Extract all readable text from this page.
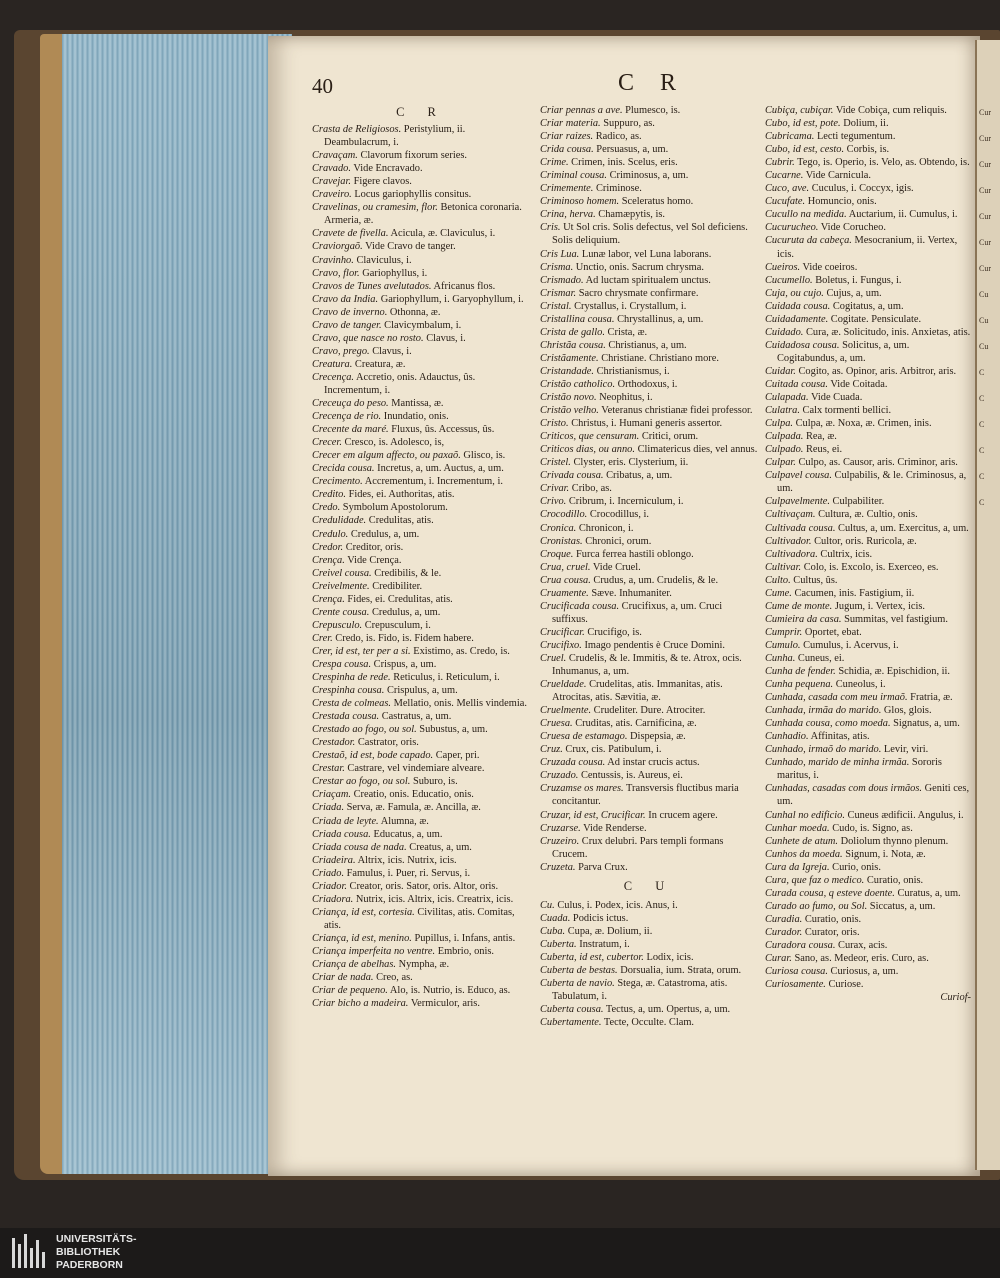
Cur
Cur
Cur
Cur
Cur
Cur
Cur
Cu
Cu
Cu
C
C
C
C
C
C
40	C R
C R

Crasta de Religiosos. Peristylium, ii. Deambulacrum, i.

Cravaçam. Clavorum fixorum series.

Cravado. Vide Encravado.

Cravejar. Figere clavos.

Craveiro. Locus gariophyllis consitus.

Cravelinas, ou cramesim, flor. Betonica coronaria. Armeria, æ.

Cravete de fivella. Acicula, æ. Claviculus, i.

Craviorgaõ. Vide Cravo de tanger.

Cravinho. Claviculus, i.

Cravo, flor. Gariophyllus, i.

Cravos de Tunes avelutados. Africanus flos.

Cravo da India. Gariophyllum, i. Garyophyllum, i.

Cravo de inverno. Othonna, æ.

Cravo de tanger. Clavicymbalum, i.

Cravo, que nasce no rosto. Clavus, i.

Cravo, prego. Clavus, i.

Creatura. Creatura, æ.

Crecença. Accretio, onis. Adauctus, ûs. Incrementum, i.

Creceuça do peso. Mantissa, æ.

Crecença de rio. Inundatio, onis.

Crecente da maré. Fluxus, ûs. Accessus, ûs.

Crecer. Cresco, is. Adolesco, is,

Crecer em algum affecto, ou paxaõ. Glisco, is.

Crecida cousa. Incretus, a, um. Auctus, a, um.

Crecimento. Accrementum, i. Incrementum, i.

Credito. Fides, ei. Authoritas, atis.

Credo. Symbolum Apostolorum.

Credulidade. Credulitas, atis.

Credulo. Credulus, a, um.

Credor. Creditor, oris.

Crença. Vide Crença.

Creivel cousa. Credibilis, & le.

Creivelmente. Credibiliter.

Crença. Fides, ei. Credulitas, atis.

Crente cousa. Credulus, a, um.

Crepusculo. Crepusculum, i.

Crer. Credo, is. Fido, is. Fidem habere.

Crer, id est, ter per a si. Existimo, as. Credo, is.

Crespa cousa. Crispus, a, um.

Crespinha de rede. Reticulus, i. Reticulum, i.

Crespinha cousa. Crispulus, a, um.

Cresta de colmeas. Mellatio, onis. Mellis vindemia.

Crestada cousa. Castratus, a, um.

Crestado ao fogo, ou sol. Subustus, a, um.

Crestador. Castrator, oris.

Crestaõ, id est, bode capado. Caper, pri.

Crestar. Castrare, vel vindemiare alveare.

Crestar ao fogo, ou sol. Suburo, is.

Criaçam. Creatio, onis. Educatio, onis.

Criada. Serva, æ. Famula, æ. Ancilla, æ.

Criada de leyte. Alumna, æ.

Criada cousa. Educatus, a, um.

Criada cousa de nada. Creatus, a, um.

Criadeira. Altrix, icis. Nutrix, icis.

Criado. Famulus, i. Puer, ri. Servus, i.

Criador. Creator, oris. Sator, oris. Altor, oris.

Criadora. Nutrix, icis. Altrix, icis. Creatrix, icis.

Criança, id est, cortesia. Civilitas, atis. Comitas, atis.

Criança, id est, menino. Pupillus, i. Infans, antis.

Criança imperfeita no ventre. Embrio, onis.

Criança de abelhas. Nympha, æ.

Criar de nada. Creo, as.

Criar de pequeno. Alo, is. Nutrio, is. Educo, as.

Criar bicho a madeira. Vermiculor, aris.

Criar pennas a ave. Plumesco, is.

Criar materia. Suppuro, as.

Criar raizes. Radico, as.

Crida cousa. Persuasus, a, um.

Crime. Crimen, inis. Scelus, eris.

Criminal cousa. Criminosus, a, um.

Crimemente. Criminose.

Criminoso homem. Sceleratus homo.

Crina, herva. Chamæpytis, is.

Cris. Ut Sol cris. Solis defectus, vel Sol deficiens. Solis deliquium.

Cris Lua. Lunæ labor, vel Luna laborans.

Crisma. Unctio, onis. Sacrum chrysma.

Crismado. Ad luctam spiritualem unctus.

Crismar. Sacro chrysmate confirmare.

Cristal. Crystallus, i. Crystallum, i.

Cristallina cousa. Chrystallinus, a, um.

Crista de gallo. Crista, æ.

Christãa cousa. Christianus, a, um.

Cristãamente. Christiane. Christiano more.

Cristandade. Christianismus, i.

Cristão catholico. Orthodoxus, i.

Cristão novo. Neophitus, i.

Cristão velho. Veteranus christianæ fidei professor.

Cristo. Christus, i. Humani generis assertor.

Criticos, que censuram. Critici, orum.

Criticos dias, ou anno. Climatericus dies, vel annus.

Cristel. Clyster, eris. Clysterium, ii.

Crivada cousa. Cribatus, a, um.

Crivar. Cribo, as.

Crivo. Cribrum, i. Incerniculum, i.

Crocodillo. Crocodillus, i.

Cronica. Chronicon, i.

Cronistas. Chronici, orum.

Croque. Furca ferrea hastili oblongo.

Crua, cruel. Vide Cruel.

Crua cousa. Crudus, a, um. Crudelis, & le.

Cruamente. Sæve. Inhumaniter.

Crucificada cousa. Crucifixus, a, um. Cruci suffixus.

Crucificar. Crucifigo, is.

Crucifixo. Imago pendentis è Cruce Domini.

Cruel. Crudelis, & le. Immitis, & te. Atrox, ocis. Inhumanus, a, um.

Crueldade. Crudelitas, atis. Immanitas, atis. Atrocitas, atis. Sævitia, æ.

Cruelmente. Crudeliter. Dure. Atrociter.

Cruesa. Cruditas, atis. Carnificina, æ.

Cruesa de estamago. Dispepsia, æ.

Cruz. Crux, cis. Patibulum, i.

Cruzada cousa. Ad instar crucis actus.

Cruzado. Centussis, is. Aureus, ei.

Cruzamse os mares. Transversis fluctibus maria concitantur.

Cruzar, id est, Crucificar. In crucem agere.

Cruzarse. Vide Renderse.

Cruzeiro. Crux delubri. Pars templi formans Crucem.

Cruzeta. Parva Crux.

C U

Cu. Culus, i. Podex, icis. Anus, i.

Cuada. Podicis ictus.

Cuba. Cupa, æ. Dolium, ii.

Cuberta. Instratum, i.

Cuberta, id est, cubertor. Lodix, icis.

Cuberta de bestas. Dorsualia, ium. Strata, orum.

Cuberta de navio. Stega, æ. Catastroma, atis. Tabulatum, i.

Cuberta cousa. Tectus, a, um. Opertus, a, um.

Cubertamente. Tecte, Occulte. Clam.

Cubiça, cubiçar. Vide Cobiça, cum reliquis.

Cubo, id est, pote. Dolium, ii.

Cubricama. Lecti tegumentum.

Cubo, id est, cesto. Corbis, is.

Cubrir. Tego, is. Operio, is. Velo, as. Obtendo, is.

Cucarne. Vide Carnicula.

Cuco, ave. Cuculus, i. Coccyx, igis.

Cucufate. Homuncio, onis.

Cucullo na medida. Auctarium, ii. Cumulus, i.

Cucurucheo. Vide Corucheo.

Cucuruta da cabeça. Mesocranium, ii. Vertex, icis.

Cueiros. Vide coeiros.

Cucumello. Boletus, i. Fungus, i.

Cuja, ou cujo. Cujus, a, um.

Cuidada cousa. Cogitatus, a, um.

Cuidadamente. Cogitate. Pensiculate.

Cuidado. Cura, æ. Solicitudo, inis. Anxietas, atis.

Cuidadosa cousa. Solicitus, a, um. Cogitabundus, a, um.

Cuidar. Cogito, as. Opinor, aris. Arbitror, aris.

Cuitada cousa. Vide Coitada.

Culapada. Vide Cuada.

Culatra. Calx tormenti bellici.

Culpa. Culpa, æ. Noxa, æ. Crimen, inis.

Culpada. Rea, æ.

Culpado. Reus, ei.

Culpar. Culpo, as. Causor, aris. Criminor, aris.

Culpavel cousa. Culpabilis, & le. Criminosus, a, um.

Culpavelmente. Culpabiliter.

Cultivaçam. Cultura, æ. Cultio, onis.

Cultivada cousa. Cultus, a, um. Exercitus, a, um.

Cultivador. Cultor, oris. Ruricola, æ.

Cultivadora. Cultrix, icis.

Cultivar. Colo, is. Excolo, is. Exerceo, es.

Culto. Cultus, ûs.

Cume. Cacumen, inis. Fastigium, ii.

Cume de monte. Jugum, i. Vertex, icis.

Cumieira da casa. Summitas, vel fastigium.

Cumprir. Oportet, ebat.

Cumulo. Cumulus, i. Acervus, i.

Cunha. Cuneus, ei.

Cunha de fender. Schidia, æ. Epischidion, ii.

Cunha pequena. Cuneolus, i.

Cunhada, casada com meu irmaõ. Fratria, æ.

Cunhada, irmãa do marido. Glos, glois.

Cunhada cousa, como moeda. Signatus, a, um.

Cunhadio. Affinitas, atis.

Cunhado, irmaõ do marido. Levir, viri.

Cunhado, marido de minha irmãa. Sororis maritus, i.

Cunhadas, casadas com dous irmãos. Geniti ces, um.

Cunhal no edificio. Cuneus ædificii. Angulus, i.

Cunhar moeda. Cudo, is. Signo, as.

Cunhete de atum. Doliolum thynno plenum.

Cunhos da moeda. Signum, i. Nota, æ.

Cura da Igreja. Curio, onis.

Cura, que faz o medico. Curatio, onis.

Curada cousa, q esteve doente. Curatus, a, um.

Curado ao fumo, ou Sol. Siccatus, a, um.

Curadia. Curatio, onis.

Curador. Curator, oris.

Curadora cousa. Curax, acis.

Curar. Sano, as. Medeor, eris. Curo, as.

Curiosa cousa. Curiosus, a, um.

Curiosamente. Curiose.

Curiof-
UNIVERSITÄTS-
BIBLIOTHEK
PADERBORN
